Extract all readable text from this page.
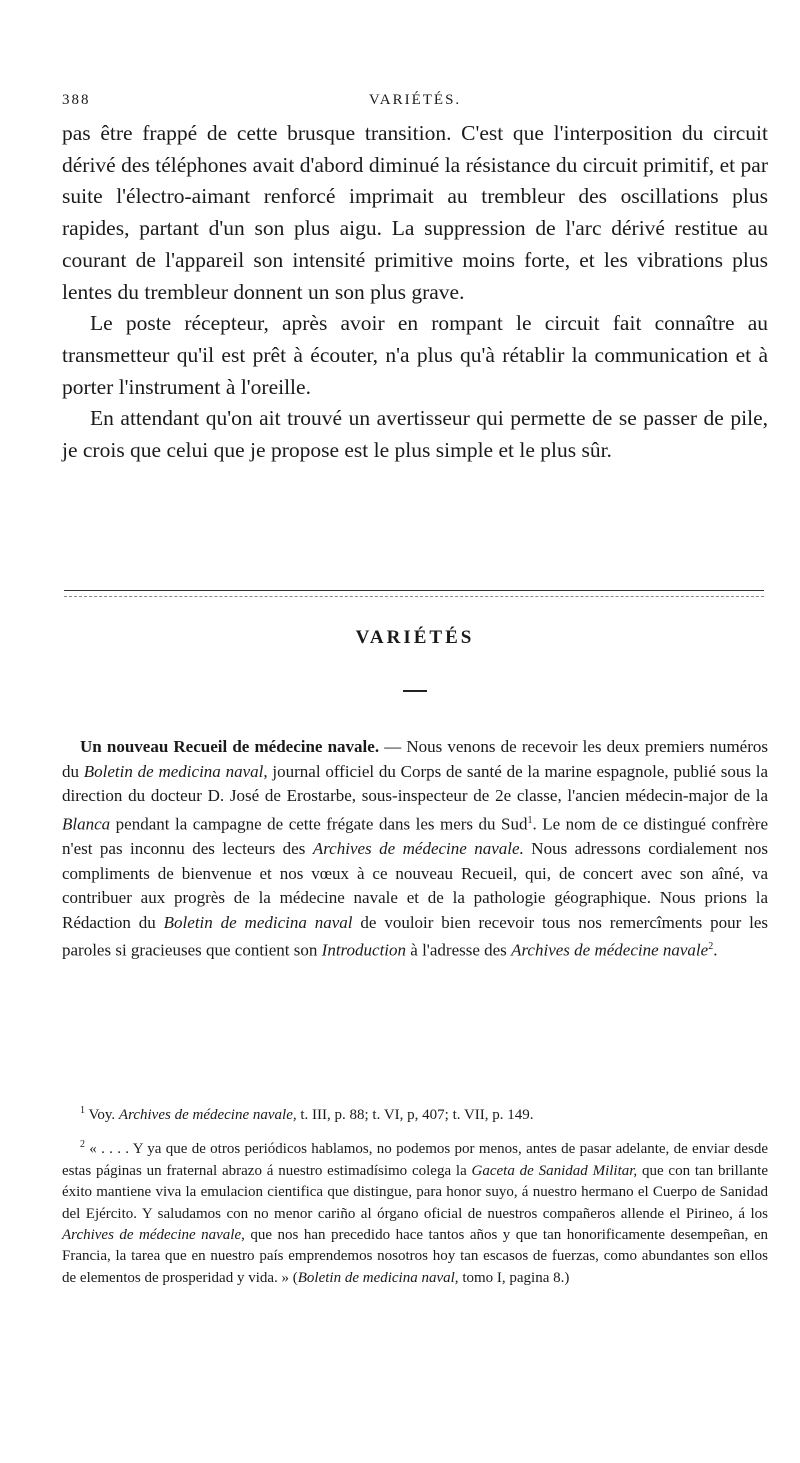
388	VARIÉTÉS.

pas être frappé de cette brusque transition. C'est que l'interposition du circuit dérivé des téléphones avait d'abord diminué la résistance du circuit primitif, et par suite l'électro-aimant renforcé imprimait au trembleur des oscillations plus rapides, partant d'un son plus aigu. La suppression de l'arc dérivé restitue au courant de l'appareil son intensité primitive moins forte, et les vibrations plus lentes du trembleur donnent un son plus grave.

Le poste récepteur, après avoir en rompant le circuit fait connaître au transmetteur qu'il est prêt à écouter, n'a plus qu'à rétablir la communication et à porter l'instrument à l'oreille.

En attendant qu'on ait trouvé un avertisseur qui permette de se passer de pile, je crois que celui que je propose est le plus simple et le plus sûr.

VARIÉTÉS

Un nouveau Recueil de médecine navale. — Nous venons de recevoir les deux premiers numéros du Boletin de medicina naval, journal officiel du Corps de santé de la marine espagnole, publié sous la direction du docteur D. José de Erostarbe, sous-inspecteur de 2e classe, l'ancien médecin-major de la Blanca pendant la campagne de cette frégate dans les mers du Sud$^1$. Le nom de ce distingué confrère n'est pas inconnu des lecteurs des Archives de médecine navale. Nous adressons cordialement nos compliments de bienvenue et nos vœux à ce nouveau Recueil, qui, de concert avec son aîné, va contribuer aux progrès de la médecine navale et de la pathologie géographique. Nous prions la Rédaction du Boletin de medicina naval de vouloir bien recevoir tous nos remercîments pour les paroles si gracieuses que contient son Introduction à l'adresse des Archives de médecine navale$^2$.

$^1$ Voy. Archives de médecine navale, t. III, p. 88; t. VI, p, 407; t. VII, p. 149.

$^2$ « . . . . Y ya que de otros periódicos hablamos, no podemos por menos, antes de pasar adelante, de enviar desde estas páginas un fraternal abrazo á nuestro estimadísimo colega la Gaceta de Sanidad Militar, que con tan brillante éxito mantiene viva la emulacion cientifica que distingue, para honor suyo, á nuestro hermano el Cuerpo de Sanidad del Ejército. Y saludamos con no menor cariño al órgano oficial de nuestros compañeros allende el Pirineo, á los Archives de médecine navale, que nos han precedido hace tantos años y que tan honorificamente desempeñan, en Francia, la tarea que en nuestro país emprendemos nosotros hoy tan escasos de fuerzas, como abundantes son ellos de elementos de prosperidad y vida. » (Boletin de medicina naval, tomo I, pagina 8.)
